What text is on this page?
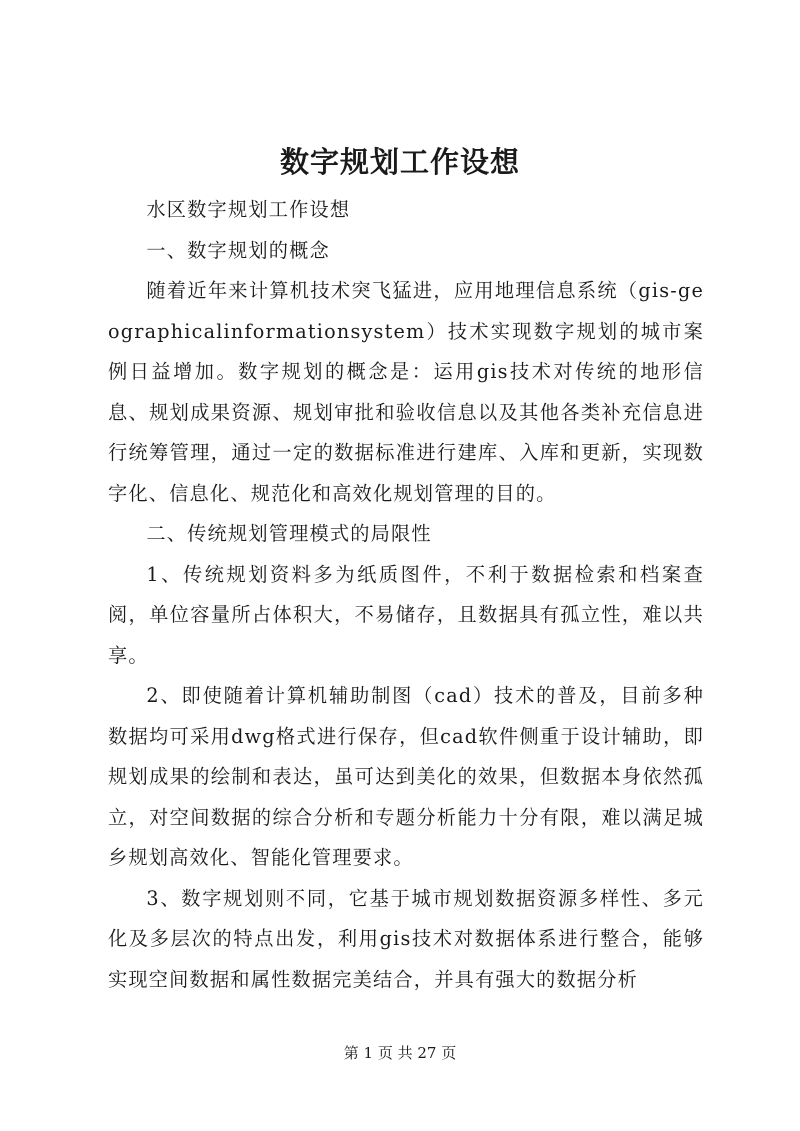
数字规划工作设想

水区数字规划工作设想

一、数字规划的概念

随着近年来计算机技术突飞猛进，应用地理信息系统（gis-geographicalinformationsystem）技术实现数字规划的城市案例日益增加。数字规划的概念是：运用gis技术对传统的地形信息、规划成果资源、规划审批和验收信息以及其他各类补充信息进行统筹管理，通过一定的数据标准进行建库、入库和更新，实现数字化、信息化、规范化和高效化规划管理的目的。

二、传统规划管理模式的局限性

1、传统规划资料多为纸质图件，不利于数据检索和档案查阅，单位容量所占体积大，不易储存，且数据具有孤立性，难以共享。

2、即使随着计算机辅助制图（cad）技术的普及，目前多种数据均可采用dwg格式进行保存，但cad软件侧重于设计辅助，即规划成果的绘制和表达，虽可达到美化的效果，但数据本身依然孤立，对空间数据的综合分析和专题分析能力十分有限，难以满足城乡规划高效化、智能化管理要求。

3、数字规划则不同，它基于城市规划数据资源多样性、多元化及多层次的特点出发，利用gis技术对数据体系进行整合，能够实现空间数据和属性数据完美结合，并具有强大的数据分析

第 1 页 共 27 页
